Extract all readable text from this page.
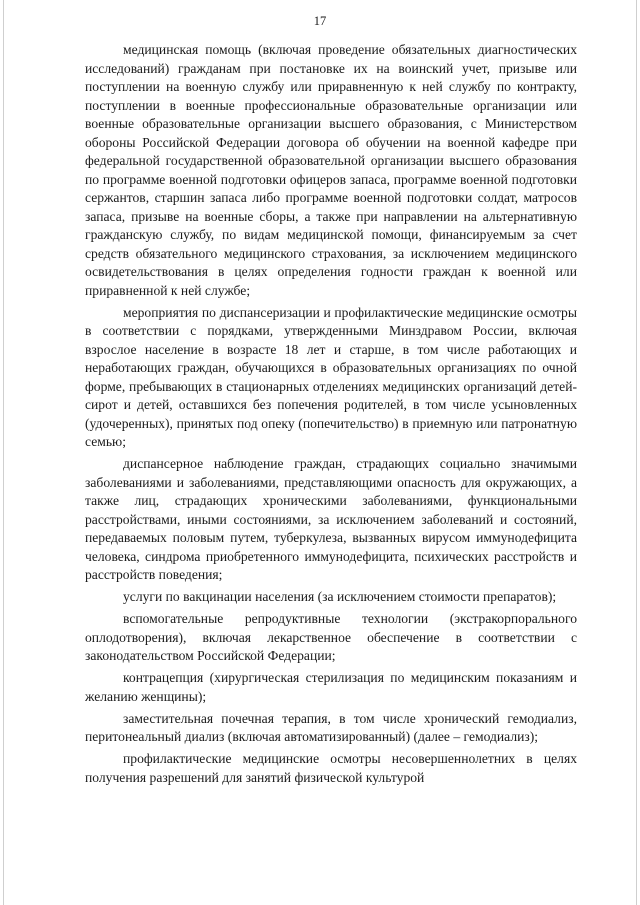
17

медицинская помощь (включая проведение обязательных диагностических исследований) гражданам при постановке их на воинский учет, призыве или поступлении на военную службу или приравненную к ней службу по контракту, поступлении в военные профессиональные образовательные организации или военные образовательные организации высшего образования, с Министерством обороны Российской Федерации договора об обучении на военной кафедре при федеральной государственной образовательной организации высшего образования по программе военной подготовки офицеров запаса, программе военной подготовки сержантов, старшин запаса либо программе военной подготовки солдат, матросов запаса, призыве на военные сборы, а также при направлении на альтернативную гражданскую службу, по видам медицинской помощи, финансируемым за счет средств обязательного медицинского страхования, за исключением медицинского освидетельствования в целях определения годности граждан к военной или приравненной к ней службе;

мероприятия по диспансеризации и профилактические медицинские осмотры в соответствии с порядками, утвержденными Минздравом России, включая взрослое население в возрасте 18 лет и старше, в том числе работающих и неработающих граждан, обучающихся в образовательных организациях по очной форме, пребывающих в стационарных отделениях медицинских организаций детей-сирот и детей, оставшихся без попечения родителей, в том числе усыновленных (удочеренных), принятых под опеку (попечительство) в приемную или патронатную семью;

диспансерное наблюдение граждан, страдающих социально значимыми заболеваниями и заболеваниями, представляющими опасность для окружающих, а также лиц, страдающих хроническими заболеваниями, функциональными расстройствами, иными состояниями, за исключением заболеваний и состояний, передаваемых половым путем, туберкулеза, вызванных вирусом иммунодефицита человека, синдрома приобретенного иммунодефицита, психических расстройств и расстройств поведения;

услуги по вакцинации населения (за исключением стоимости препаратов);

вспомогательные репродуктивные технологии (экстракорпорального оплодотворения), включая лекарственное обеспечение в соответствии с законодательством Российской Федерации;

контрацепция (хирургическая стерилизация по медицинским показаниям и желанию женщины);

заместительная почечная терапия, в том числе хронический гемодиализ, перитонеальный диализ (включая автоматизированный) (далее – гемодиализ);

профилактические медицинские осмотры несовершеннолетних в целях получения разрешений для занятий физической культурой
